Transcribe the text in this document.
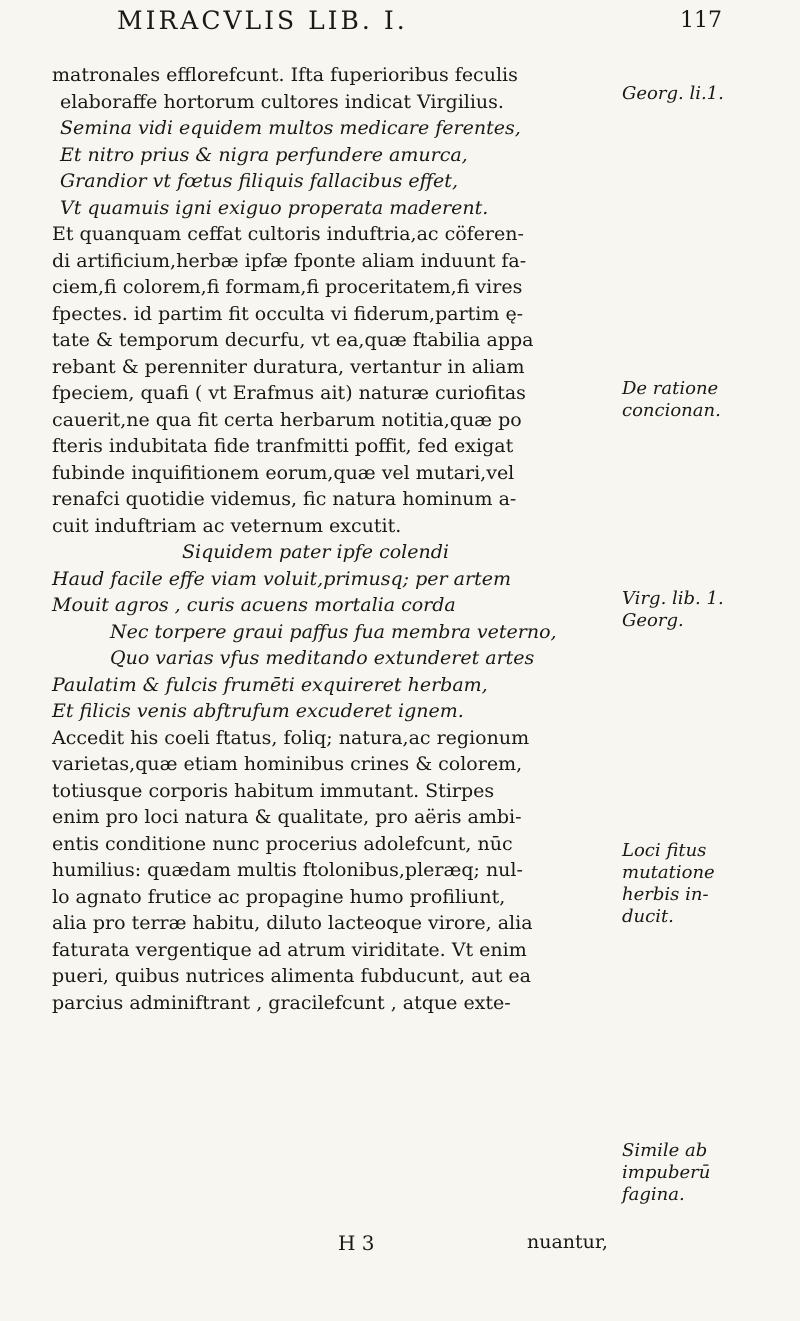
MIRACVLIS LIB. I.	117
matronales efflorefcunt. Ifta fuperioribus feculis
elaboraffe hortorum cultores indicat Virgilius.
Semina vidi equidem multos medicare ferentes,
Et nitro prius & nigra perfundere amurca,
Grandior vt fœtus filiquis fallacibus effet,
Vt quamuis igni exiguo properata maderent.
Et quanquam ceffat cultoris induftria,ac cöferen-
di artificium,herbæ ipfæ fponte aliam induunt fa-
ciem,fi colorem,fi formam,fi proceritatem,fi vires
fpectes. id partim fit occulta vi fiderum,partim ę-
tate & temporum decurfu, vt ea,quæ ftabilia appa
rebant & perenniter duratura, vertantur in aliam
fpeciem, quafi ( vt Erafmus ait) naturæ curiofitas
cauerit,ne qua fit certa herbarum notitia,quæ po
fteris indubitata fide tranfmitti poffit, fed exigat
fubinde inquifitionem eorum,quæ vel mutari,vel
renafci quotidie videmus, fic natura hominum a-
cuit induftriam ac veternum excutit.
Siquidem pater ipfe colendi
Haud facile effe viam voluit,primusq; per artem
Mouit agros , curis acuens mortalia corda
Nec torpere graui paffus fua membra veterno,
Quo varias vfus meditando extunderet artes
Paulatim & fulcis frumēti exquireret herbam,
Et filicis venis abftrufum excuderet ignem.
Accedit his coeli ftatus, foliq; natura,ac regionum
varietas,quæ etiam hominibus crines & colorem,
totiusque corporis habitum immutant. Stirpes
enim pro loci natura & qualitate, pro aëris ambi-
entis conditione nunc procerius adolefcunt, nūc
humilius: quædam multis ftolonibus,pleræq; nul-
lo agnato frutice ac propagine humo profiliunt,
alia pro terræ habitu, diluto lacteoque virore, alia
faturata vergentique ad atrum viriditate. Vt enim
pueri, quibus nutrices alimenta fubducunt, aut ea
parcius adminiftrant , gracilefcunt , atque exte-
Georg. li.1.
De ratione
concionan.
Virg. lib. 1.
Georg.
Loci fitus
mutatione
herbis in-
ducit.
Simile ab
impuberū
fagina.
H 3	nuantur,
